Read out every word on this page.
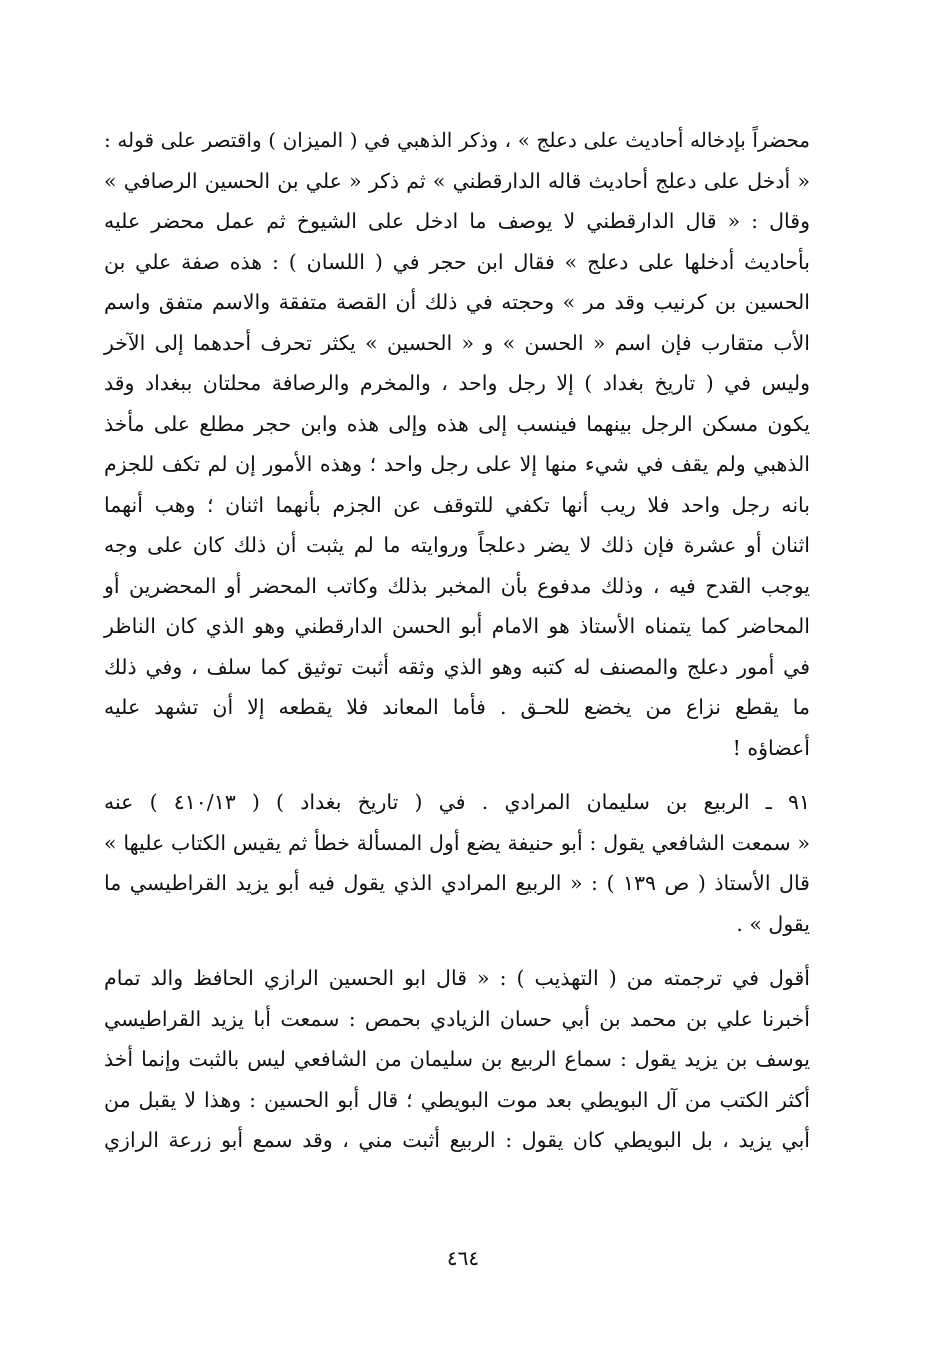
محضراً بإدخاله أحاديث على دعلج » ، وذكر الذهبي في ( الميزان ) واقتصر على قوله :
« أدخل على دعلج أحاديث قاله الدارقطني » ثم ذكر « علي بن الحسين الرصافي »
وقال : « قال الدارقطني لا يوصف ما ادخل على الشيوخ ثم عمل محضر عليه
بأحاديث أدخلها على دعلج » فقال ابن حجر في ( اللسان ) : هذه صفة علي بن
الحسين بن كرنيب وقد مر » وحجته في ذلك أن القصة متفقة والاسم متفق واسم
الأب متقارب فإن اسم « الحسن » و « الحسين » يكثر تحرف أحدهما إلى الآخر
وليس في ( تاريخ بغداد ) إلا رجل واحد ، والمخرم والرصافة محلتان ببغداد وقد
يكون مسكن الرجل بينهما فينسب إلى هذه وإلى هذه وابن حجر مطلع على مأخذ
الذهبي ولم يقف في شيء منها إلا على رجل واحد ؛ وهذه الأمور إن لم تكف للجزم
بانه رجل واحد فلا ريب أنها تكفي للتوقف عن الجزم بأنهما اثنان ؛ وهب أنهما
اثنان أو عشرة فإن ذلك لا يضر دعلجاً وروايته ما لم يثبت أن ذلك كان على وجه
يوجب القدح فيه ، وذلك مدفوع بأن المخبر بذلك وكاتب المحضر أو المحضرين أو
المحاضر كما يتمناه الأستاذ هو الامام أبو الحسن الدارقطني وهو الذي كان الناظر
في أمور دعلج والمصنف له كتبه وهو الذي وثقه أثبت توثيق كما سلف ، وفي ذلك
ما يقطع نزاع من يخضع للحـق . فأما المعاند فلا يقطعه إلا أن تشهد عليه
أعضاؤه !
٩١ ـ الربيع بن سليمان المرادي . في ( تاريخ بغداد ) ( ٤١٠/١٣ ) عنه
« سمعت الشافعي يقول : أبو حنيفة يضع أول المسألة خطأ ثم يقيس الكتاب عليها »
قال الأستاذ ( ص ١٣٩ ) : « الربيع المرادي الذي يقول فيه أبو يزيد القراطيسي ما
يقول » .
أقول في ترجمته من ( التهذيب ) : « قال ابو الحسين الرازي الحافظ والد تمام
أخبرنا علي بن محمد بن أبي حسان الزيادي بحمص : سمعت أبا يزيد القراطيسي
يوسف بن يزيد يقول : سماع الربيع بن سليمان من الشافعي ليس بالثبت وإنما أخذ
أكثر الكتب من آل البويطي بعد موت البويطي ؛ قال أبو الحسين : وهذا لا يقبل من
أبي يزيد ، بل البويطي كان يقول : الربيع أثبت مني ، وقد سمع أبو زرعة الرازي
٤٦٤
